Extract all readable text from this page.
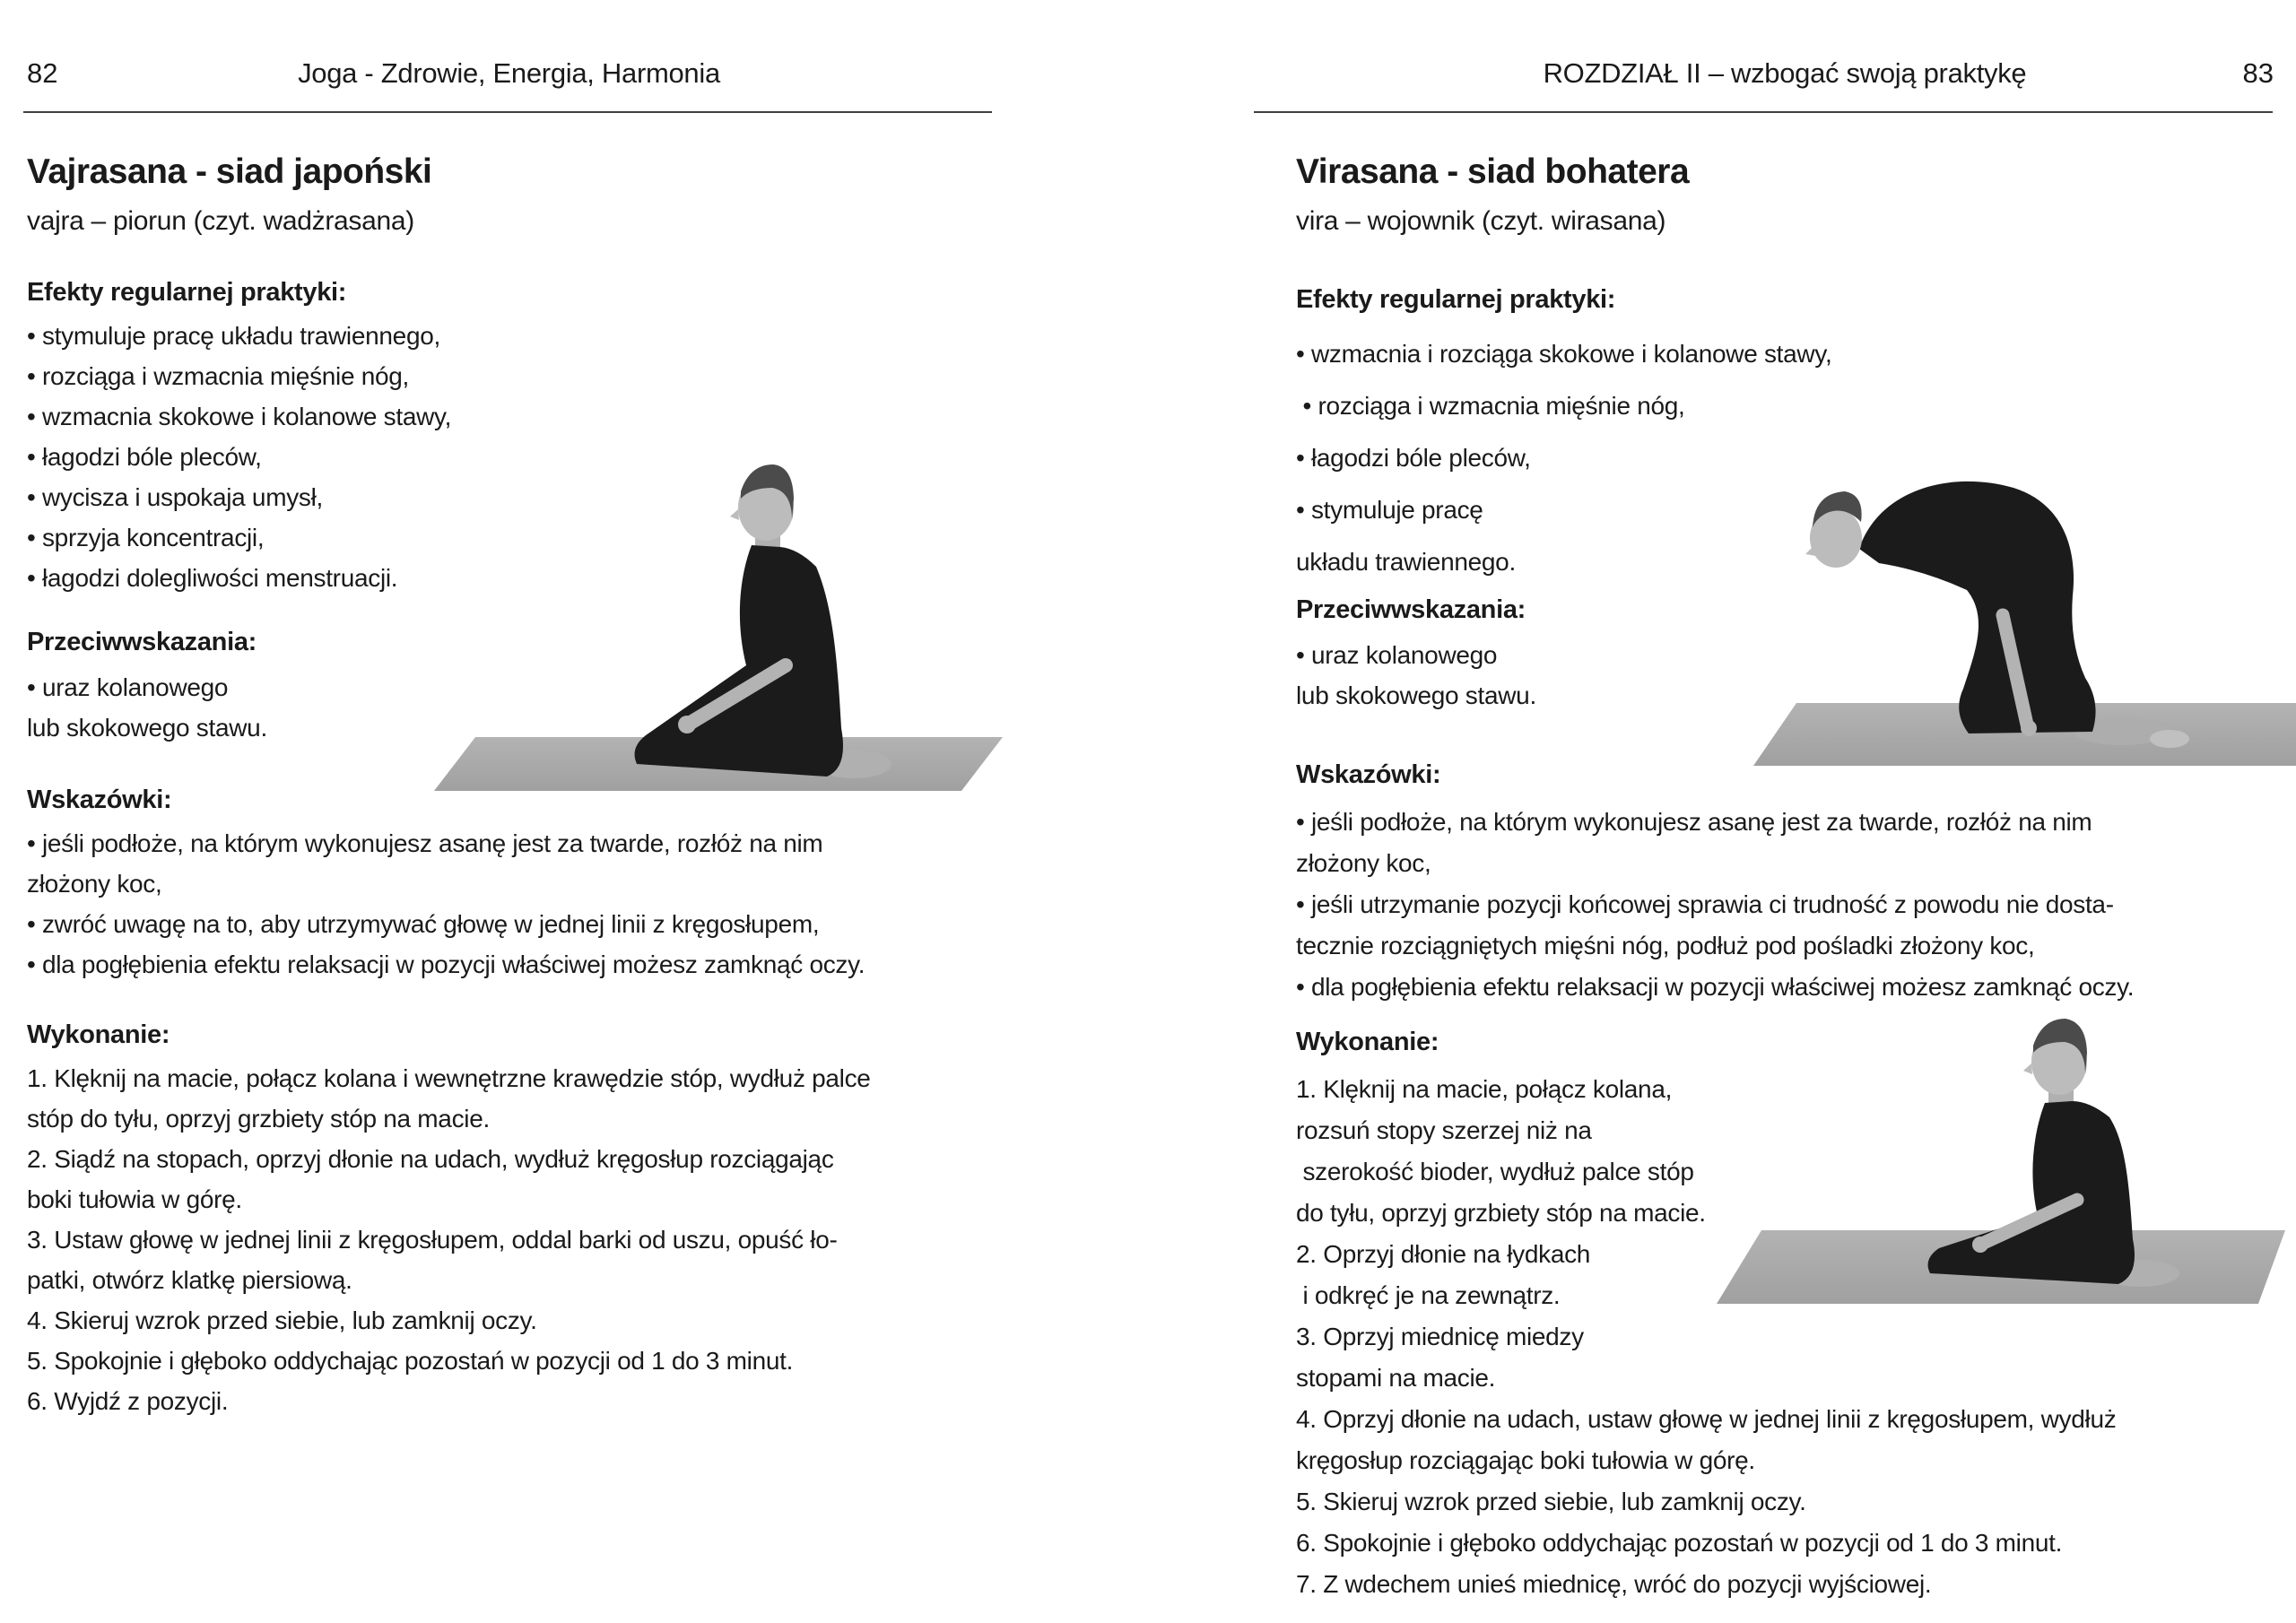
82	Joga - Zdrowie, Energia, Harmonia
Vajrasana - siad japoński
vajra – piorun (czyt. wadżrasana)
Efekty regularnej praktyki:
• stymuluje pracę układu trawiennego,
• rozciąga i wzmacnia mięśnie nóg,
• wzmacnia skokowe i kolanowe stawy,
• łagodzi bóle pleców,
• wycisza i uspokaja umysł,
• sprzyja koncentracji,
• łagodzi dolegliwości menstruacji.
Przeciwwskazania:
• uraz kolanowego
lub skokowego stawu.
Wskazówki:
• jeśli podłoże, na którym wykonujesz asanę jest za twarde, rozłóż na nim
złożony koc,
• zwróć uwagę na to, aby utrzymywać głowę w jednej linii z kręgosłupem,
• dla pogłębienia efektu relaksacji w pozycji właściwej możesz zamknąć oczy.
Wykonanie:
1. Klęknij na macie, połącz kolana i wewnętrzne krawędzie stóp, wydłuż palce
stóp do tyłu, oprzyj grzbiety stóp na macie.
2. Siądź na stopach, oprzyj dłonie na udach, wydłuż kręgosłup rozciągając
boki tułowia w górę.
3. Ustaw głowę w jednej linii z kręgosłupem, oddal barki od uszu, opuść ło-
patki, otwórz klatkę piersiową.
4. Skieruj wzrok przed siebie, lub zamknij oczy.
5. Spokojnie i głęboko oddychając pozostań w pozycji od 1 do 3 minut.
6. Wyjdź z pozycji.

ROZDZIAŁ II – wzbogać swoją praktykę	83
Virasana - siad bohatera
vira – wojownik (czyt. wirasana)
Efekty regularnej praktyki:
• wzmacnia i rozciąga skokowe i kolanowe stawy,
• rozciąga i wzmacnia mięśnie nóg,
• łagodzi bóle pleców,
• stymuluje pracę
układu trawiennego.
Przeciwwskazania:
• uraz kolanowego
lub skokowego stawu.
Wskazówki:
• jeśli podłoże, na którym wykonujesz asanę jest za twarde, rozłóż na nim
złożony koc,
• jeśli utrzymanie pozycji końcowej sprawia ci trudność z powodu nie dosta-
tecznie rozciągniętych mięśni nóg, podłuż pod pośladki złożony koc,
• dla pogłębienia efektu relaksacji w pozycji właściwej możesz zamknąć oczy.
Wykonanie:
1. Klęknij na macie, połącz kolana,
rozsuń stopy szerzej niż na
szerokość bioder, wydłuż palce stóp
do tyłu, oprzyj grzbiety stóp na macie.
2. Oprzyj dłonie na łydkach
i odkręć je na zewnątrz.
3. Oprzyj miednicę miedzy
stopami na macie.
4. Oprzyj dłonie na udach, ustaw głowę w jednej linii z kręgosłupem, wydłuż
kręgosłup rozciągając boki tułowia w górę.
5. Skieruj wzrok przed siebie, lub zamknij oczy.
6. Spokojnie i głęboko oddychając pozostań w pozycji od 1 do 3 minut.
7. Z wdechem unieś miednicę, wróć do pozycji wyjściowej.
